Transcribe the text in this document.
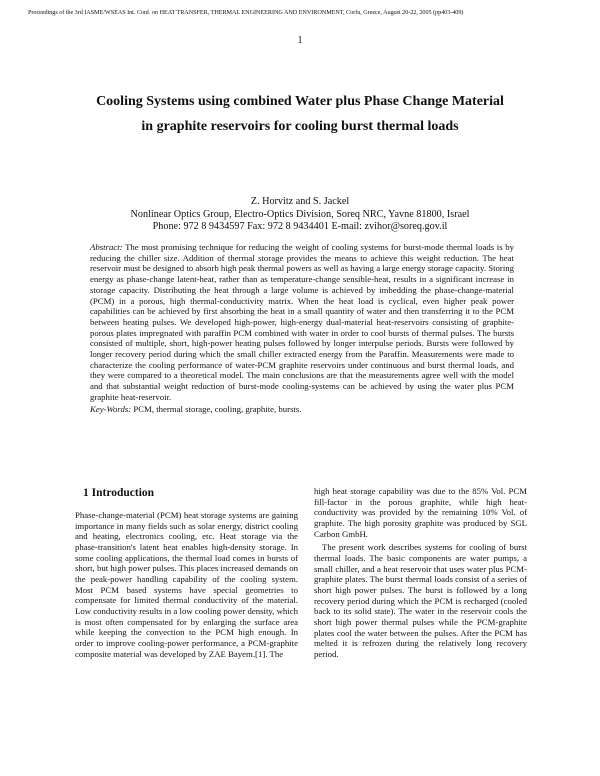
Proceedings of the 3rd IASME/WSEAS Int. Conf. on HEAT TRANSFER, THERMAL ENGINEERING AND ENVIRONMENT, Corfu, Greece, August 20-22, 2005 (pp403-409)
1
Cooling Systems using combined Water plus Phase Change Material in graphite reservoirs for cooling burst thermal loads
Z. Horvitz and S. Jackel
Nonlinear Optics Group, Electro-Optics Division, Soreq NRC, Yavne 81800, Israel
Phone: 972 8 9434597 Fax: 972 8 9434401 E-mail: zvihor@soreq.gov.il
Abstract: The most promising technique for reducing the weight of cooling systems for burst-mode thermal loads is by reducing the chiller size. Addition of thermal storage provides the means to achieve this weight reduction. The heat reservoir must be designed to absorb high peak thermal powers as well as having a large energy storage capacity. Storing energy as phase-change latent-heat, rather than as temperature-change sensible-heat, results in a significant increase in storage capacity. Distributing the heat through a large volume is achieved by imbedding the phase-change-material (PCM) in a porous, high thermal-conductivity matrix. When the heat load is cyclical, even higher peak power capabilities can be achieved by first absorbing the heat in a small quantity of water and then transferring it to the PCM between heating pulses. We developed high-power, high-energy dual-material heat-reservoirs consisting of graphite-porous plates impregnated with paraffin PCM combined with water in order to cool bursts of thermal pulses. The bursts consisted of multiple, short, high-power heating pulses followed by longer interpulse periods. Bursts were followed by longer recovery period during which the small chiller extracted energy from the Paraffin. Measurements were made to characterize the cooling performance of water-PCM graphite reservoirs under continuous and burst thermal loads, and they were compared to a theoretical model. The main conclusions are that the measurements agree well with the model and that substantial weight reduction of burst-mode cooling-systems can be achieved by using the water plus PCM graphite heat-reservoir.
Key-Words: PCM, thermal storage, cooling, graphite, bursts.
1 Introduction

Phase-change-material (PCM) heat storage systems are gaining importance in many fields such as solar energy, district cooling and heating, electronics cooling, etc. Heat storage via the phase-transition's latent heat enables high-density storage. In some cooling applications, the thermal load comes in bursts of short, but high power pulses. This places increased demands on the peak-power handling capability of the cooling system. Most PCM based systems have special geometries to compensate for limited thermal conductivity of the material. Low conductivity results in a low cooling power density, which is most often compensated for by enlarging the surface area while keeping the convection to the PCM high enough. In order to improve cooling-power performance, a PCM-graphite composite material was developed by ZAE Bayem.[1]. The

high heat storage capability was due to the 85% Vol. PCM fill-factor in the porous graphite, while high heat-conductivity was provided by the remaining 10% Vol. of graphite. The high porosity graphite was produced by SGL Carbon GmbH.

The present work describes systems for cooling of burst thermal loads. The basic components are water pumps, a small chiller, and a heat reservoir that uses water plus PCM-graphite plates. The burst thermal loads consist of a series of short high power pulses. The burst is followed by a long recovery period during which the PCM is recharged (cooled back to its solid state). The water in the reservoir cools the short high power thermal pulses while the PCM-graphite plates cool the water between the pulses. After the PCM has melted it is refrozen during the relatively long recovery period.
